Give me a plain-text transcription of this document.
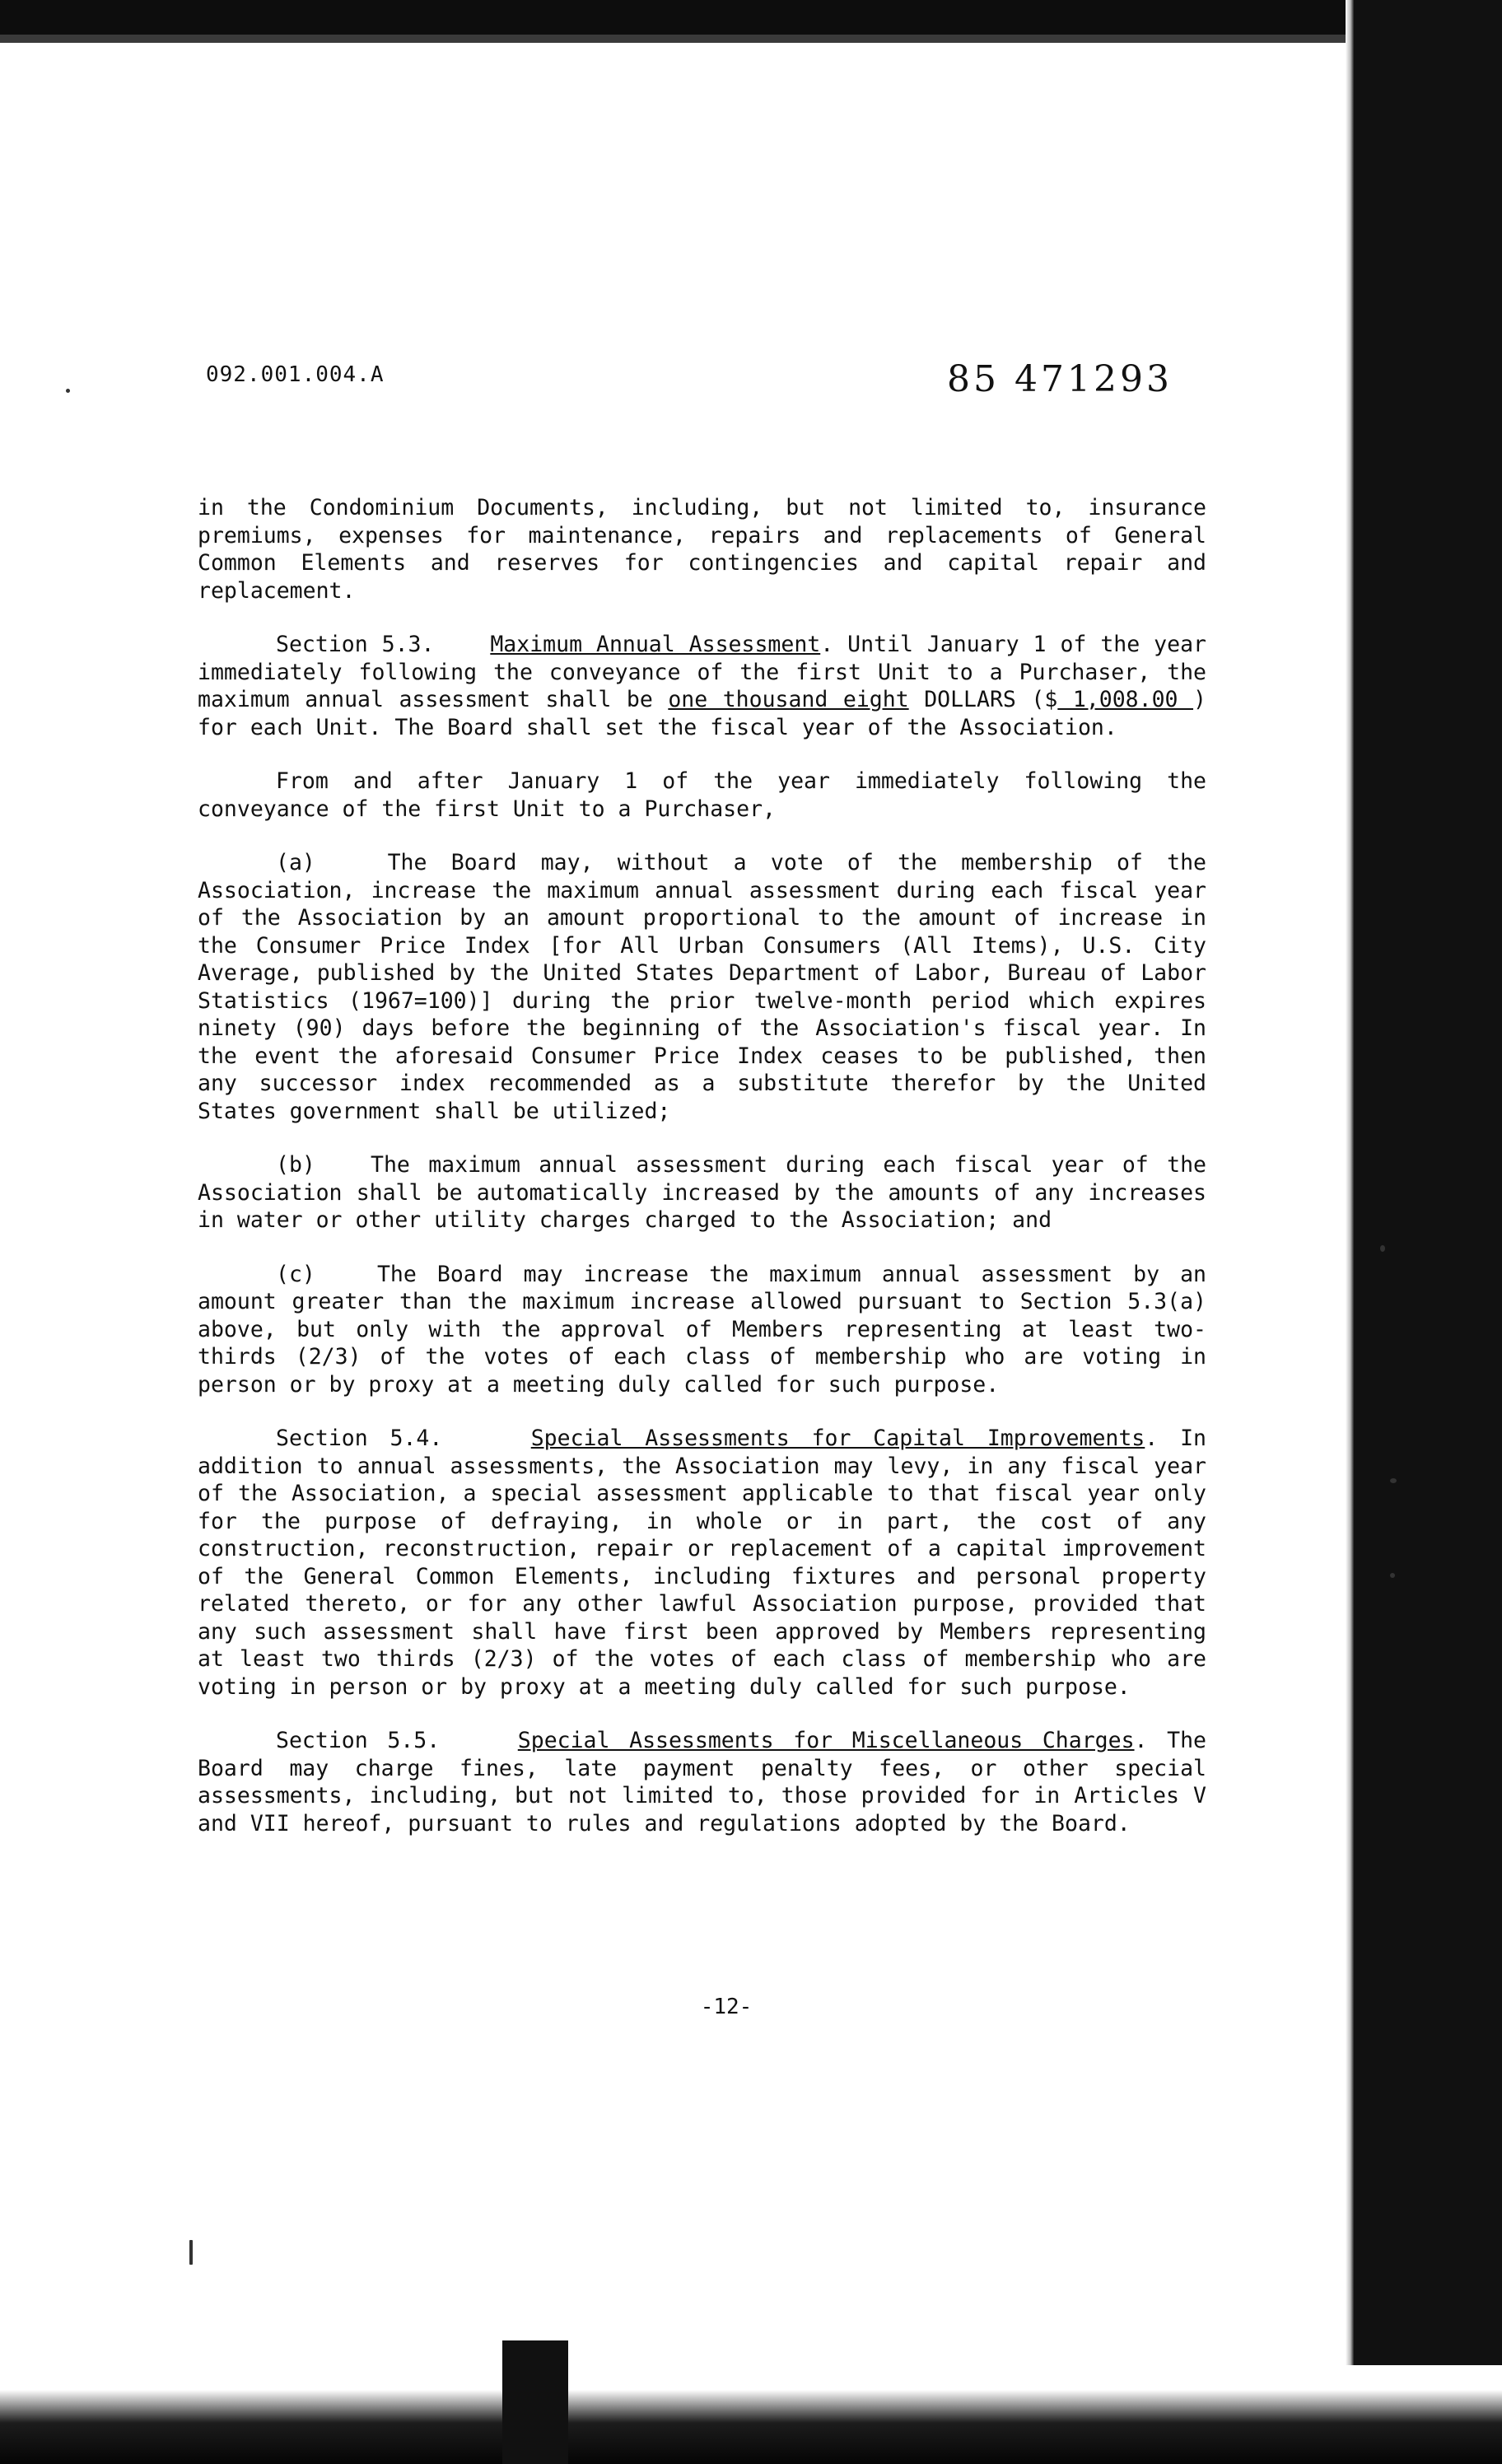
092.001.004.A	85 471293

in the Condominium Documents, including, but not limited to, insurance premiums, expenses for maintenance, repairs and replacements of General Common Elements and reserves for contingencies and capital repair and replacement.

Section 5.3.	Maximum Annual Assessment. Until January 1 of the year immediately following the conveyance of the first Unit to a Purchaser, the maximum annual assessment shall be one thousand eight DOLLARS ($ 1,008.00 ) for each Unit. The Board shall set the fiscal year of the Association.

From and after January 1 of the year immediately following the conveyance of the first Unit to a Purchaser,

(a)	The Board may, without a vote of the membership of the Association, increase the maximum annual assessment during each fiscal year of the Association by an amount proportional to the amount of increase in the Consumer Price Index [for All Urban Consumers (All Items), U.S. City Average, published by the United States Department of Labor, Bureau of Labor Statistics (1967=100)] during the prior twelve-month period which expires ninety (90) days before the beginning of the Association's fiscal year. In the event the aforesaid Consumer Price Index ceases to be published, then any successor index recommended as a substitute therefor by the United States government shall be utilized;

(b)	The maximum annual assessment during each fiscal year of the Association shall be automatically increased by the amounts of any increases in water or other utility charges charged to the Association; and

(c)	The Board may increase the maximum annual assessment by an amount greater than the maximum increase allowed pursuant to Section 5.3(a) above, but only with the approval of Members representing at least two-thirds (2/3) of the votes of each class of membership who are voting in person or by proxy at a meeting duly called for such purpose.

Section 5.4.	Special Assessments for Capital Improvements. In addition to annual assessments, the Association may levy, in any fiscal year of the Association, a special assessment applicable to that fiscal year only for the purpose of defraying, in whole or in part, the cost of any construction, reconstruction, repair or replacement of a capital improvement of the General Common Elements, including fixtures and personal property related thereto, or for any other lawful Association purpose, provided that any such assessment shall have first been approved by Members representing at least two thirds (2/3) of the votes of each class of membership who are voting in person or by proxy at a meeting duly called for such purpose.

Section 5.5.	Special Assessments for Miscellaneous Charges. The Board may charge fines, late payment penalty fees, or other special assessments, including, but not limited to, those provided for in Articles V and VII hereof, pursuant to rules and regulations adopted by the Board.

-12-
